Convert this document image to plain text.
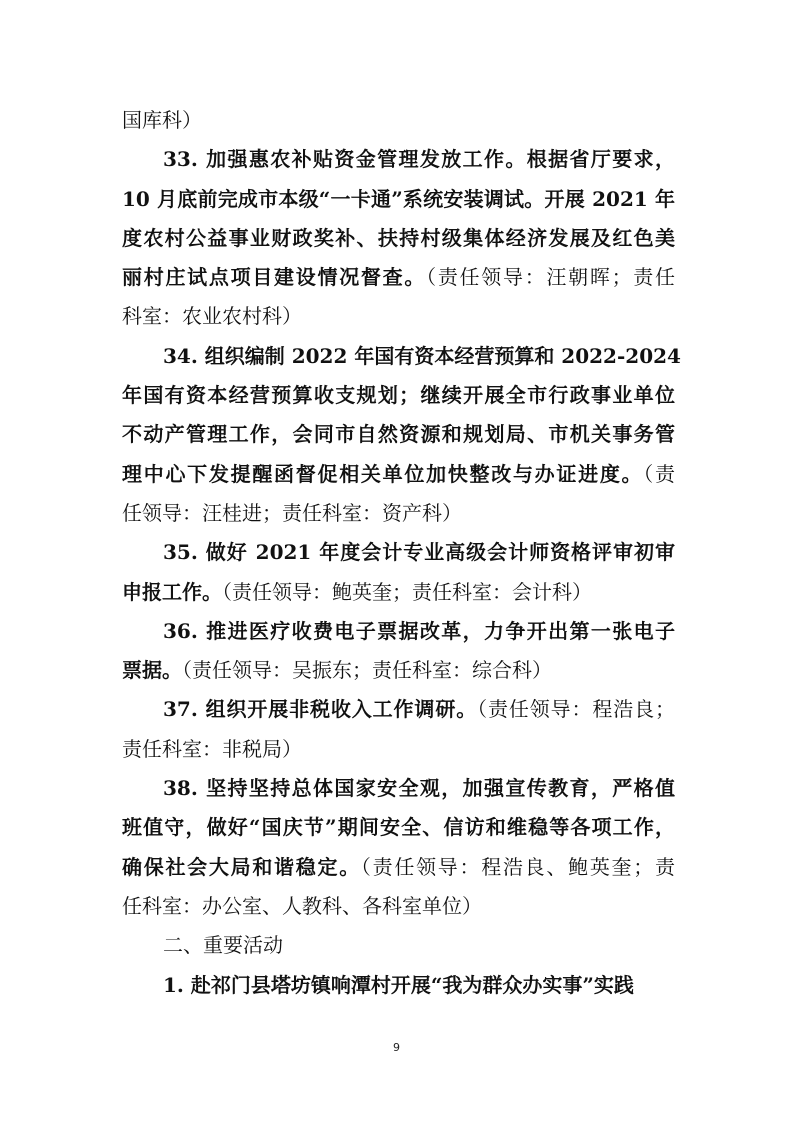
国库科）
33. 加强惠农补贴资金管理发放工作。根据省厅要求，
10 月底前完成市本级“一卡通”系统安装调试。开展 2021 年
度农村公益事业财政奖补、扶持村级集体经济发展及红色美
丽村庄试点项目建设情况督查。（责任领导：汪朝晖；责任
科室：农业农村科）
34. 组织编制 2022 年国有资本经营预算和 2022-2024
年国有资本经营预算收支规划；继续开展全市行政事业单位
不动产管理工作，会同市自然资源和规划局、市机关事务管
理中心下发提醒函督促相关单位加快整改与办证进度。（责
任领导：汪桂进；责任科室：资产科）
35. 做好 2021 年度会计专业高级会计师资格评审初审
申报工作。（责任领导：鲍英奎；责任科室：会计科）
36. 推进医疗收费电子票据改革，力争开出第一张电子
票据。（责任领导：吴振东；责任科室：综合科）
37. 组织开展非税收入工作调研。（责任领导：程浩良；
责任科室：非税局）
38. 坚持坚持总体国家安全观，加强宣传教育，严格值
班值守，做好“国庆节”期间安全、信访和维稳等各项工作，
确保社会大局和谐稳定。（责任领导：程浩良、鲍英奎；责
任科室：办公室、人教科、各科室单位）
二、重要活动
1. 赴祁门县塔坊镇响潭村开展“我为群众办实事”实践
9
